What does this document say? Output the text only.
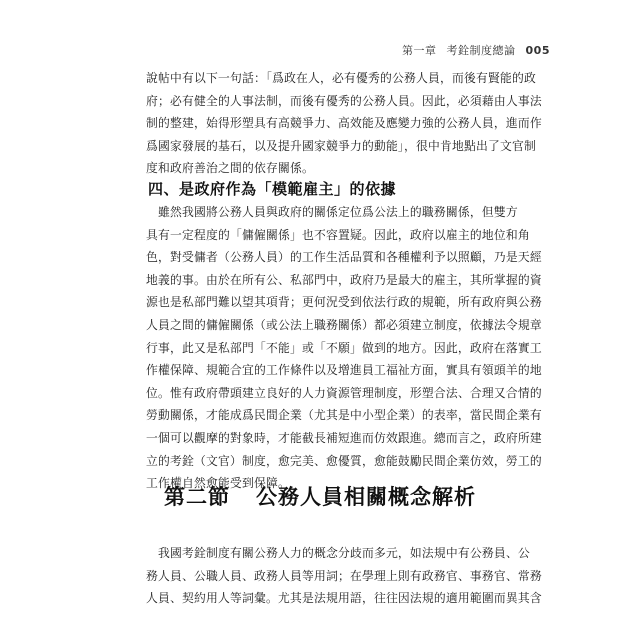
第一章 考銓制度總論 005

說帖中有以下一句話：「爲政在人，必有優秀的公務人員，而後有賢能的政
府；必有健全的人事法制，而後有優秀的公務人員。因此，必須藉由人事法
制的整建，始得形塑具有高競爭力、高效能及應變力強的公務人員，進而作
爲國家發展的基石，以及提升國家競爭力的動能」，很中肯地點出了文官制
度和政府善治之間的依存關係。

四、是政府作為「模範雇主」的依據

　雖然我國將公務人員與政府的關係定位爲公法上的職務關係，但雙方
具有一定程度的「傭僱關係」也不容置疑。因此，政府以雇主的地位和角
色，對受傭者（公務人員）的工作生活品質和各種權利予以照顧，乃是天經
地義的事。由於在所有公、私部門中，政府乃是最大的雇主，其所掌握的資
源也是私部門難以望其項背；更何況受到依法行政的規範，所有政府與公務
人員之間的傭僱關係（或公法上職務關係）都必須建立制度，依據法令規章
行事，此又是私部門「不能」或「不願」做到的地方。因此，政府在落實工
作權保障、規範合宜的工作條件以及增進員工福祉方面，實具有領頭羊的地
位。惟有政府帶頭建立良好的人力資源管理制度，形塑合法、合理又合情的
勞動關係，才能成爲民間企業（尤其是中小型企業）的表率，當民間企業有
一個可以觀摩的對象時，才能截長補短進而仿效跟進。總而言之，政府所建
立的考銓（文官）制度，愈完美、愈優質，愈能鼓勵民間企業仿效，勞工的
工作權自然愈能受到保障。

第二節 公務人員相關概念解析

　我國考銓制度有關公務人力的概念分歧而多元，如法規中有公務員、公
務人員、公職人員、政務人員等用詞；在學理上則有政務官、事務官、常務
人員、契約用人等詞彙。尤其是法規用語，往往因法規的適用範圍而異其含
